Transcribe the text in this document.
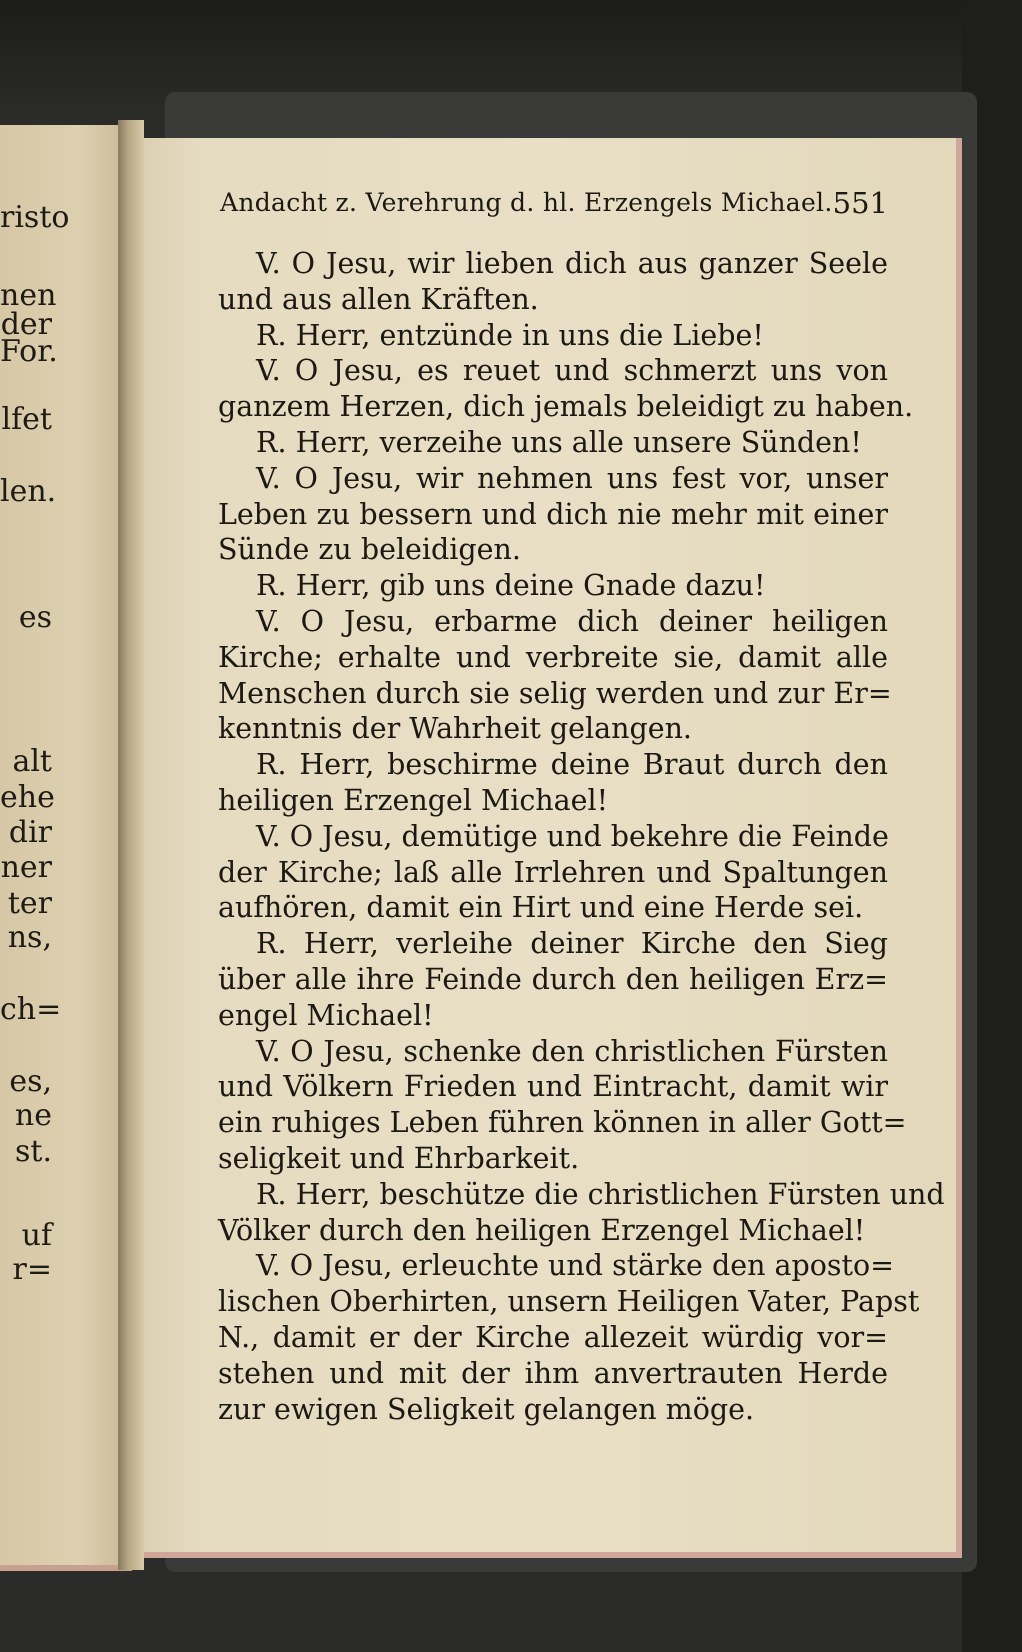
risto
nen
der
For.
lfet
len.
es
alt
ehe
dir
ner
ter
ns,
ch=
es,
ne
st.
uf
r=
Andacht z. Verehrung d. hl. Erzengels Michael. 551
V. O Jesu, wir lieben dich aus ganzer Seele
und aus allen Kräften.
R. Herr, entzünde in uns die Liebe!
V. O Jesu, es reuet und schmerzt uns von
ganzem Herzen, dich jemals beleidigt zu haben.
R. Herr, verzeihe uns alle unsere Sünden!
V. O Jesu, wir nehmen uns fest vor, unser
Leben zu bessern und dich nie mehr mit einer
Sünde zu beleidigen.
R. Herr, gib uns deine Gnade dazu!
V. O Jesu, erbarme dich deiner heiligen
Kirche; erhalte und verbreite sie, damit alle
Menschen durch sie selig werden und zur Er=
kenntnis der Wahrheit gelangen.
R. Herr, beschirme deine Braut durch den
heiligen Erzengel Michael!
V. O Jesu, demütige und bekehre die Feinde
der Kirche; laß alle Irrlehren und Spaltungen
aufhören, damit ein Hirt und eine Herde sei.
R. Herr, verleihe deiner Kirche den Sieg
über alle ihre Feinde durch den heiligen Erz=
engel Michael!
V. O Jesu, schenke den christlichen Fürsten
und Völkern Frieden und Eintracht, damit wir
ein ruhiges Leben führen können in aller Gott=
seligkeit und Ehrbarkeit.
R. Herr, beschütze die christlichen Fürsten und
Völker durch den heiligen Erzengel Michael!
V. O Jesu, erleuchte und stärke den aposto=
lischen Oberhirten, unsern Heiligen Vater, Papst
N., damit er der Kirche allezeit würdig vor=
stehen und mit der ihm anvertrauten Herde
zur ewigen Seligkeit gelangen möge.
